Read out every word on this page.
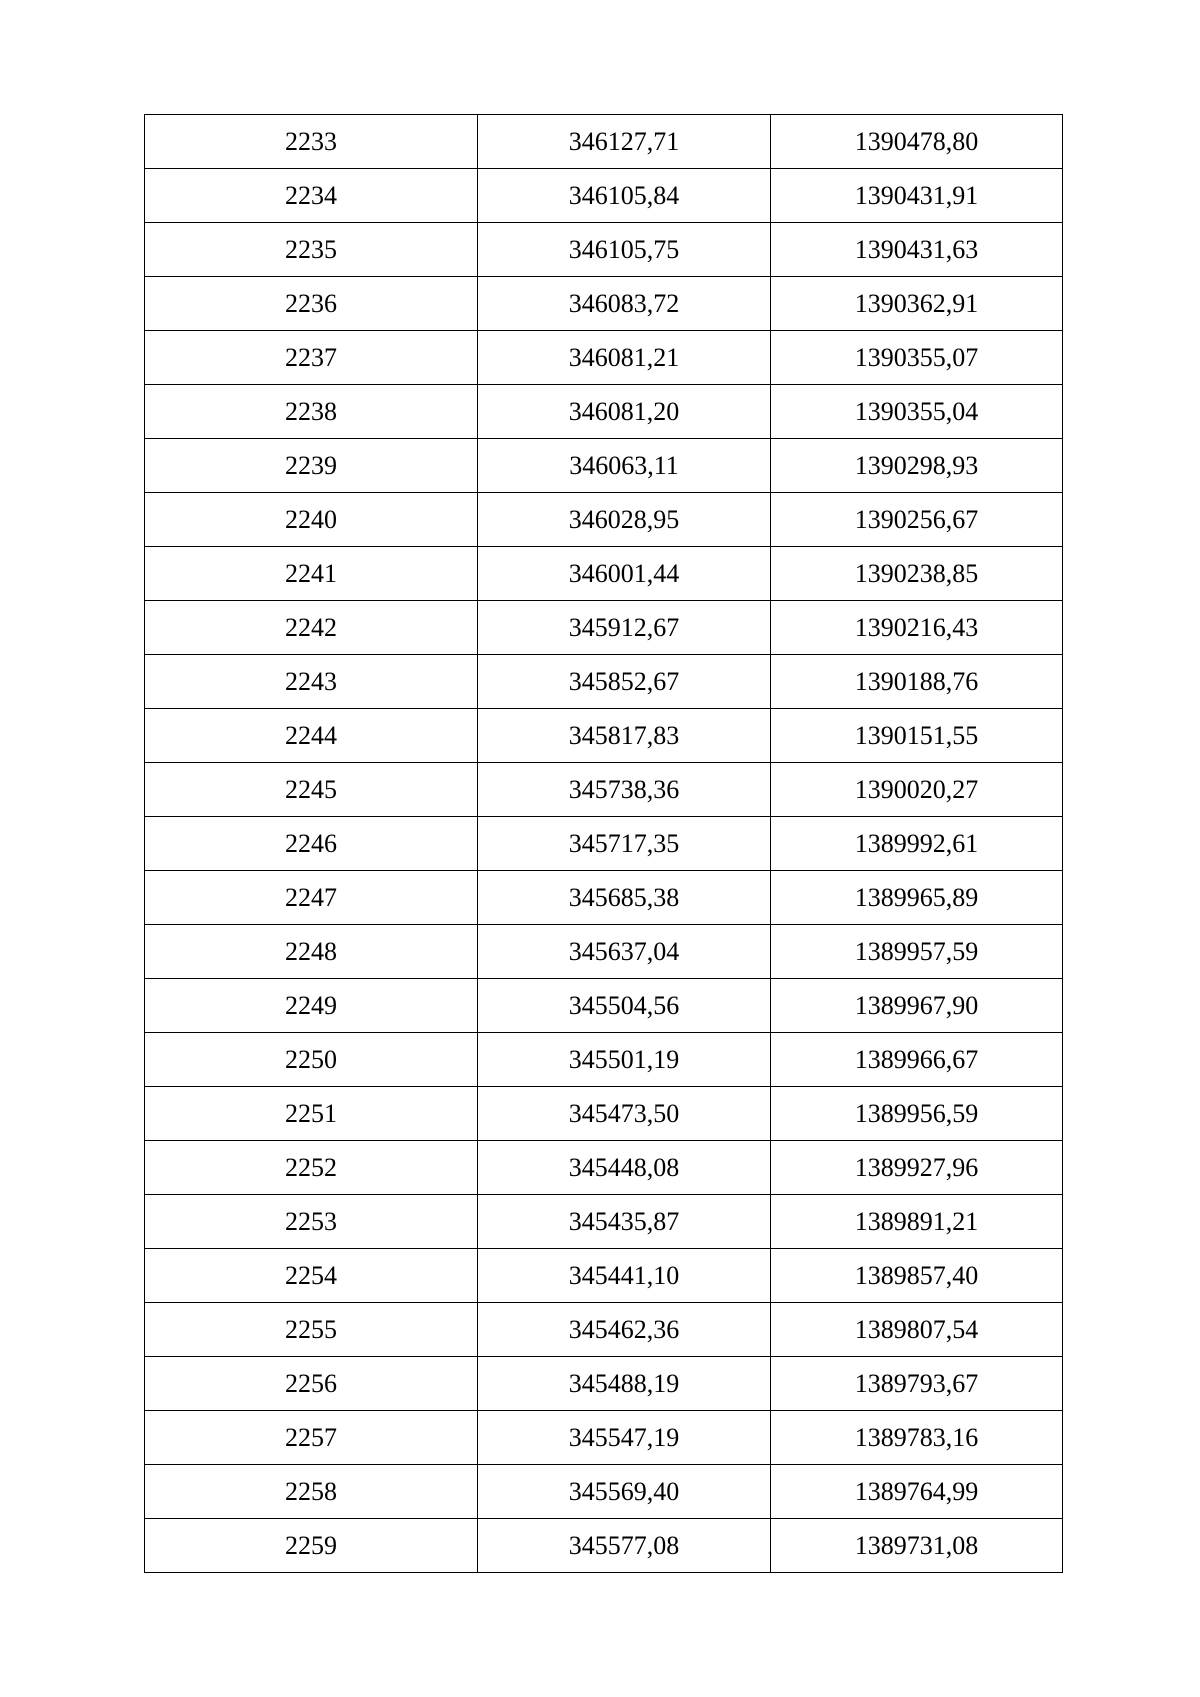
2233	346127,71	1390478,80
2234	346105,84	1390431,91
2235	346105,75	1390431,63
2236	346083,72	1390362,91
2237	346081,21	1390355,07
2238	346081,20	1390355,04
2239	346063,11	1390298,93
2240	346028,95	1390256,67
2241	346001,44	1390238,85
2242	345912,67	1390216,43
2243	345852,67	1390188,76
2244	345817,83	1390151,55
2245	345738,36	1390020,27
2246	345717,35	1389992,61
2247	345685,38	1389965,89
2248	345637,04	1389957,59
2249	345504,56	1389967,90
2250	345501,19	1389966,67
2251	345473,50	1389956,59
2252	345448,08	1389927,96
2253	345435,87	1389891,21
2254	345441,10	1389857,40
2255	345462,36	1389807,54
2256	345488,19	1389793,67
2257	345547,19	1389783,16
2258	345569,40	1389764,99
2259	345577,08	1389731,08
